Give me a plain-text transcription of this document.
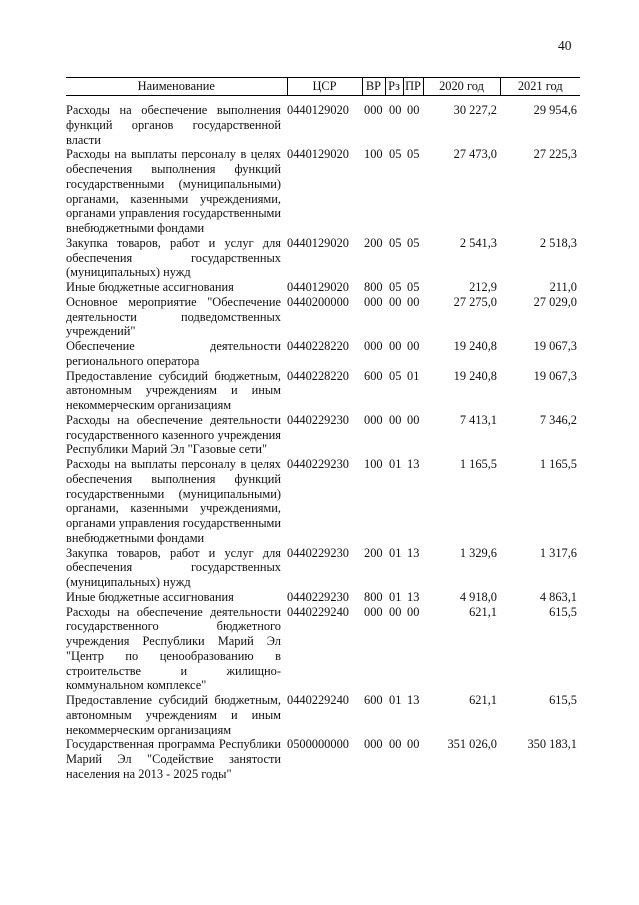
40
Наименование	ЦСР	ВР	Рз	ПР	2020 год	2021 год
Расходы на обеспечение выполнения функций органов государственной власти	0440129020	000	00	00	30 227,2	29 954,6
Расходы на выплаты персоналу в целях обеспечения выполнения функций государственными (муниципальными) органами, казенными учреждениями, органами управления государственными внебюджетными фондами	0440129020	100	05	05	27 473,0	27 225,3
Закупка товаров, работ и услуг для обеспечения государственных (муниципальных) нужд	0440129020	200	05	05	2 541,3	2 518,3
Иные бюджетные ассигнования	0440129020	800	05	05	212,9	211,0
Основное мероприятие "Обеспечение деятельности подведомственных учреждений"	0440200000	000	00	00	27 275,0	27 029,0
Обеспечение деятельности регионального оператора	0440228220	000	00	00	19 240,8	19 067,3
Предоставление субсидий бюджетным, автономным учреждениям и иным некоммерческим организациям	0440228220	600	05	01	19 240,8	19 067,3
Расходы на обеспечение деятельности государственного казенного учреждения Республики Марий Эл "Газовые сети"	0440229230	000	00	00	7 413,1	7 346,2
Расходы на выплаты персоналу в целях обеспечения выполнения функций государственными (муниципальными) органами, казенными учреждениями, органами управления государственными внебюджетными фондами	0440229230	100	01	13	1 165,5	1 165,5
Закупка товаров, работ и услуг для обеспечения государственных (муниципальных) нужд	0440229230	200	01	13	1 329,6	1 317,6
Иные бюджетные ассигнования	0440229230	800	01	13	4 918,0	4 863,1
Расходы на обеспечение деятельности государственного бюджетного учреждения Республики Марий Эл "Центр по ценообразованию в строительстве и жилищно-коммунальном комплексе"	0440229240	000	00	00	621,1	615,5
Предоставление субсидий бюджетным, автономным учреждениям и иным некоммерческим организациям	0440229240	600	01	13	621,1	615,5
Государственная программа Республики Марий Эл "Содействие занятости населения на 2013 - 2025 годы"	0500000000	000	00	00	351 026,0	350 183,1
